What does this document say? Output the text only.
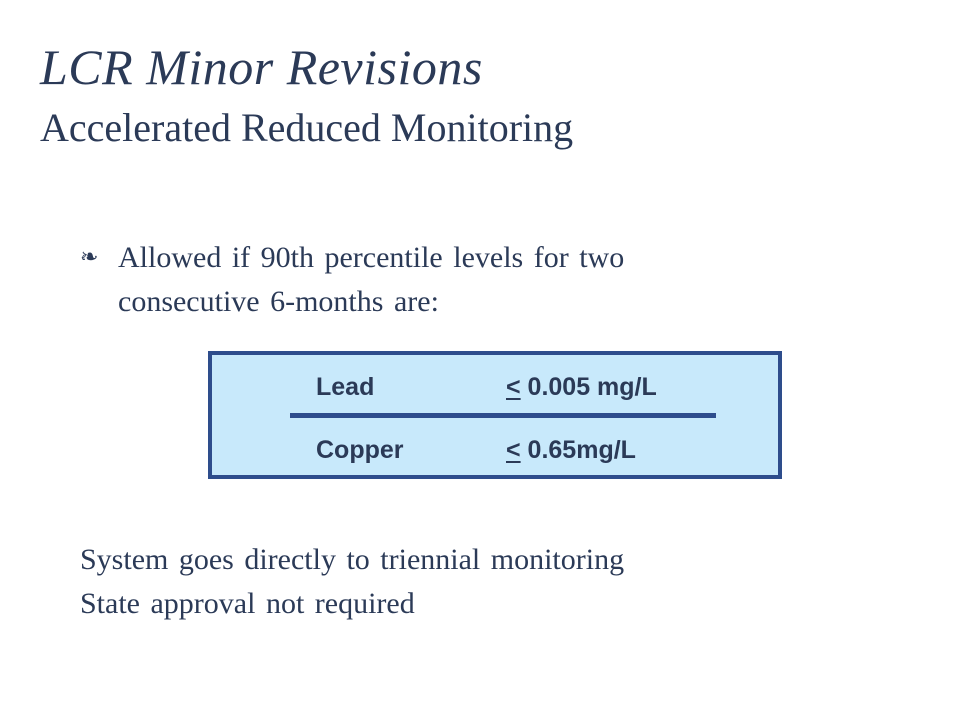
LCR Minor Revisions
Accelerated Reduced Monitoring
❧ Allowed if 90th percentile levels for two consecutive 6-months are:
Lead	< 0.005 mg/L
Copper	< 0.65mg/L
System goes directly to triennial monitoring
State approval not required
